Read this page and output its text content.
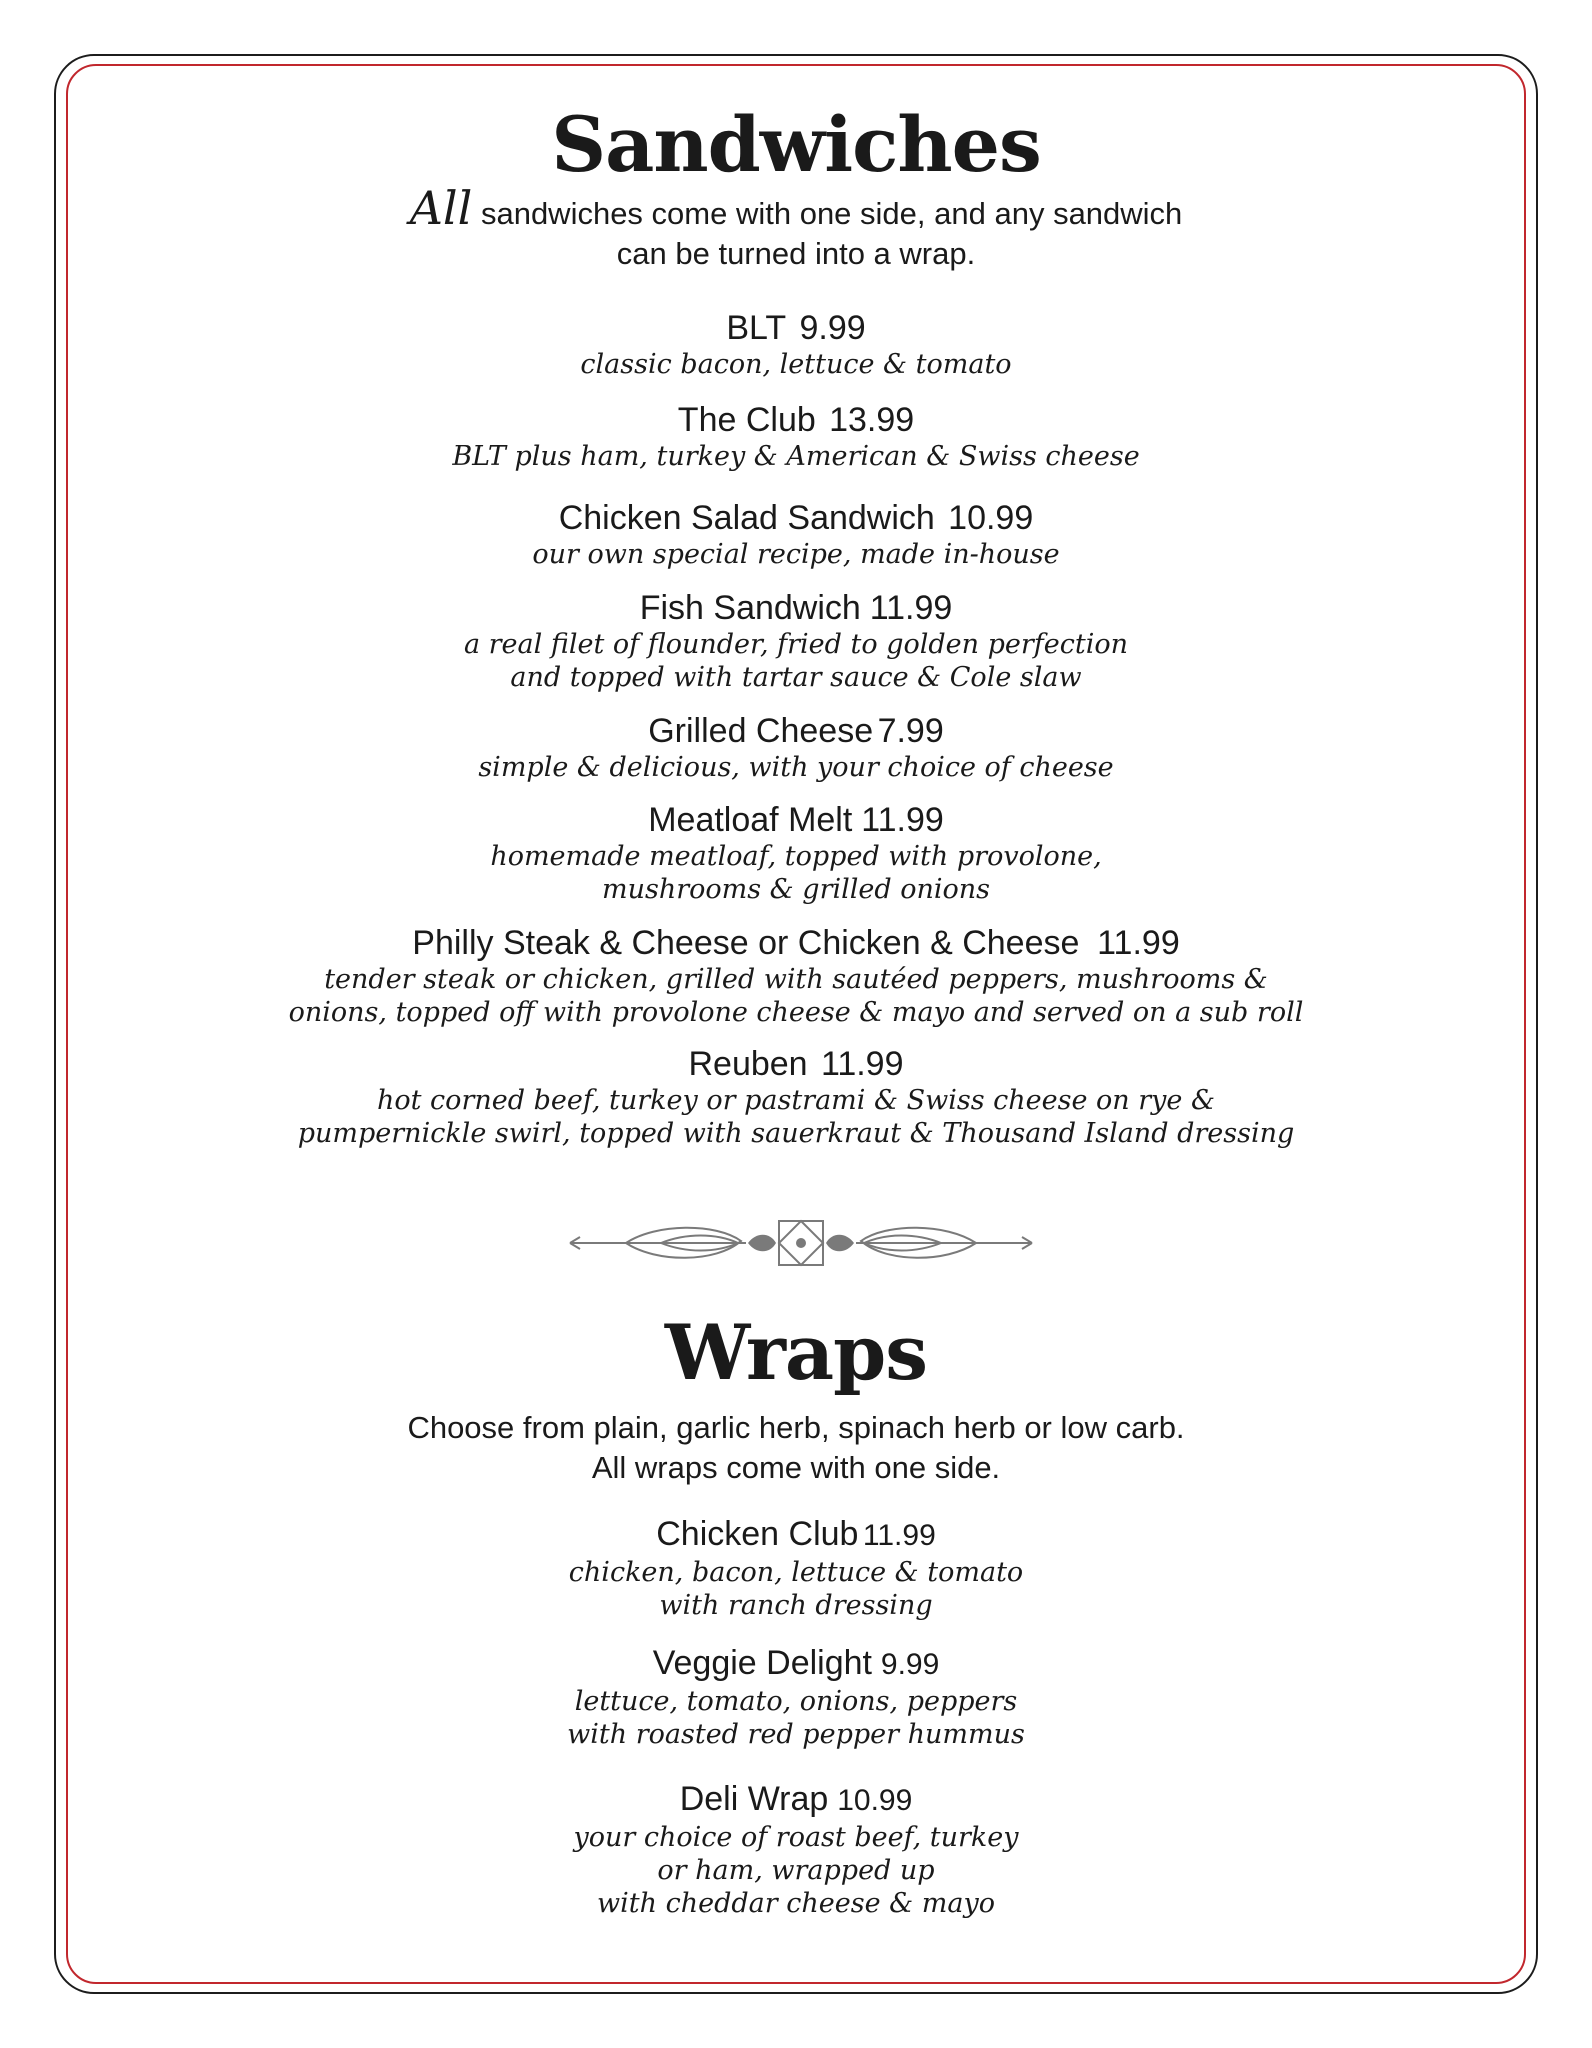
Sandwiches
All sandwiches come with one side, and any sandwich
can be turned into a wrap.
BLT 9.99
classic bacon, lettuce & tomato
The Club 13.99
BLT plus ham, turkey & American & Swiss cheese
Chicken Salad Sandwich 10.99
our own special recipe, made in-house
Fish Sandwich 11.99
a real filet of flounder, fried to golden perfection
and topped with tartar sauce & Cole slaw
Grilled Cheese 7.99
simple & delicious, with your choice of cheese
Meatloaf Melt 11.99
homemade meatloaf, topped with provolone,
mushrooms & grilled onions
Philly Steak & Cheese or Chicken & Cheese 11.99
tender steak or chicken, grilled with sautéed peppers, mushrooms &
onions, topped off with provolone cheese & mayo and served on a sub roll
Reuben 11.99
hot corned beef, turkey or pastrami & Swiss cheese on rye &
pumpernickle swirl, topped with sauerkraut & Thousand Island dressing
Wraps
Choose from plain, garlic herb, spinach herb or low carb.
All wraps come with one side.
Chicken Club 11.99
chicken, bacon, lettuce & tomato
with ranch dressing
Veggie Delight 9.99
lettuce, tomato, onions, peppers
with roasted red pepper hummus
Deli Wrap 10.99
your choice of roast beef, turkey
or ham, wrapped up
with cheddar cheese & mayo
